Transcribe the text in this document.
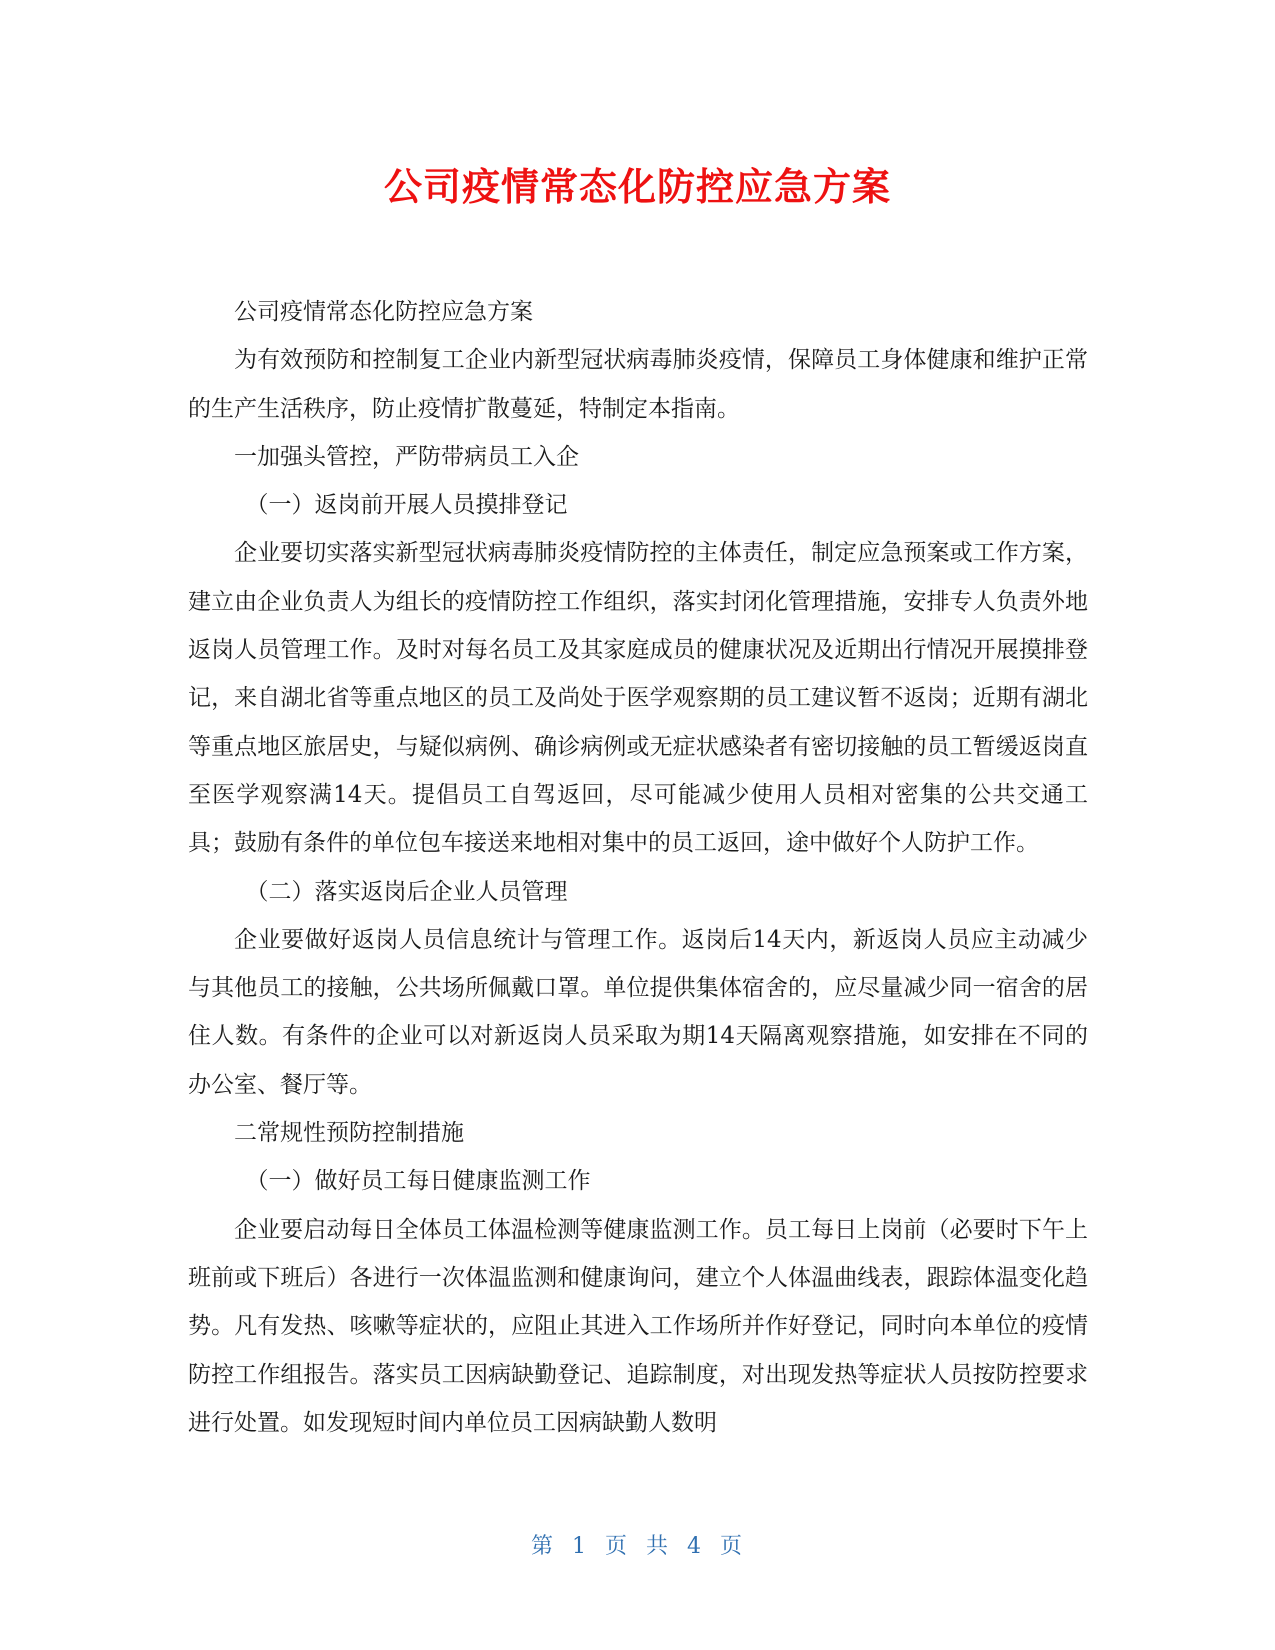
公司疫情常态化防控应急方案

公司疫情常态化防控应急方案

为有效预防和控制复工企业内新型冠状病毒肺炎疫情，保障员工身体健康和维护正常的生产生活秩序，防止疫情扩散蔓延，特制定本指南。

一加强头管控，严防带病员工入企

（一）返岗前开展人员摸排登记

企业要切实落实新型冠状病毒肺炎疫情防控的主体责任，制定应急预案或工作方案，建立由企业负责人为组长的疫情防控工作组织，落实封闭化管理措施，安排专人负责外地返岗人员管理工作。及时对每名员工及其家庭成员的健康状况及近期出行情况开展摸排登记，来自湖北省等重点地区的员工及尚处于医学观察期的员工建议暂不返岗；近期有湖北等重点地区旅居史，与疑似病例、确诊病例或无症状感染者有密切接触的员工暂缓返岗直至医学观察满14天。提倡员工自驾返回，尽可能减少使用人员相对密集的公共交通工具；鼓励有条件的单位包车接送来地相对集中的员工返回，途中做好个人防护工作。

（二）落实返岗后企业人员管理

企业要做好返岗人员信息统计与管理工作。返岗后14天内，新返岗人员应主动减少与其他员工的接触，公共场所佩戴口罩。单位提供集体宿舍的，应尽量减少同一宿舍的居住人数。有条件的企业可以对新返岗人员采取为期14天隔离观察措施，如安排在不同的办公室、餐厅等。

二常规性预防控制措施

（一）做好员工每日健康监测工作

企业要启动每日全体员工体温检测等健康监测工作。员工每日上岗前（必要时下午上班前或下班后）各进行一次体温监测和健康询问，建立个人体温曲线表，跟踪体温变化趋势。凡有发热、咳嗽等症状的，应阻止其进入工作场所并作好登记，同时向本单位的疫情防控工作组报告。落实员工因病缺勤登记、追踪制度，对出现发热等症状人员按防控要求进行处置。如发现短时间内单位员工因病缺勤人数明

第 1 页 共 4 页
